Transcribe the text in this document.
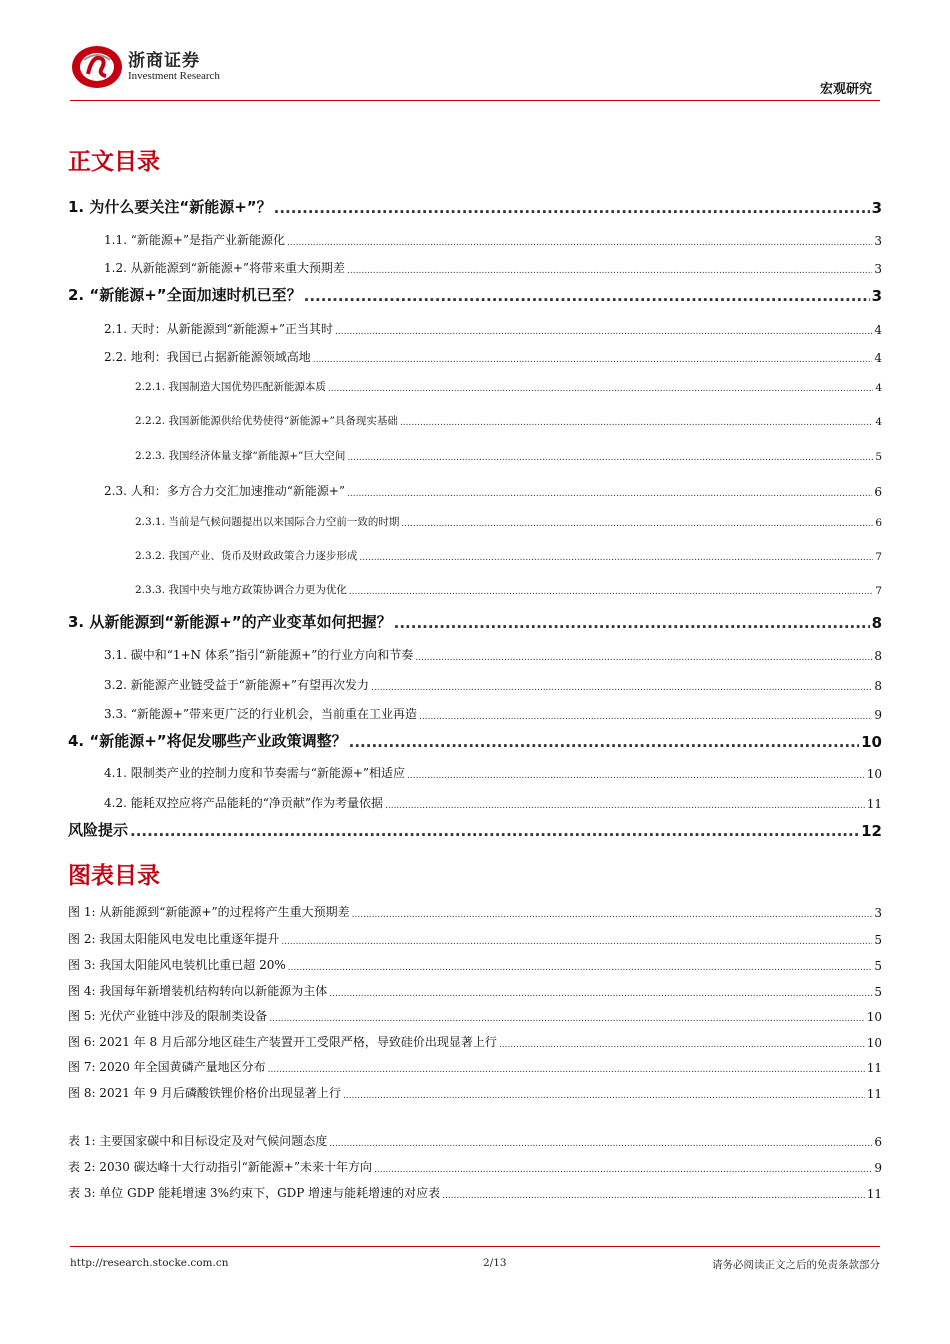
浙商证券
Investment Research
宏观研究
正文目录
1. 为什么要关注“新能源+”？ .....	3
1.1. “新能源+”是指产业新能源化 .....	3
1.2. 从新能源到“新能源+”将带来重大预期差 .....	3
2. “新能源+”全面加速时机已至？ .....	3
2.1. 天时：从新能源到“新能源+”正当其时 .....	4
2.2. 地利：我国已占据新能源领域高地 .....	4
2.2.1. 我国制造大国优势匹配新能源本质 .....	4
2.2.2. 我国新能源供给优势使得“新能源+”具备现实基础 .....	4
2.2.3. 我国经济体量支撑“新能源+”巨大空间 .....	5
2.3. 人和：多方合力交汇加速推动“新能源+” .....	6
2.3.1. 当前是气候问题提出以来国际合力空前一致的时期 .....	6
2.3.2. 我国产业、货币及财政政策合力逐步形成 .....	7
2.3.3. 我国中央与地方政策协调合力更为优化 .....	7
3. 从新能源到“新能源+”的产业变革如何把握？ .....	8
3.1. 碳中和“1+N 体系”指引“新能源+”的行业方向和节奏 .....	8
3.2. 新能源产业链受益于“新能源+”有望再次发力 .....	8
3.3. “新能源+”带来更广泛的行业机会，当前重在工业再造 .....	9
4. “新能源+”将促发哪些产业政策调整？ .....	10
4.1. 限制类产业的控制力度和节奏需与“新能源+”相适应 .....	10
4.2. 能耗双控应将产品能耗的“净贡献”作为考量依据 .....	11
风险提示 .....	12
图表目录
图 1: 从新能源到“新能源+”的过程将产生重大预期差 .....	3
图 2: 我国太阳能风电发电比重逐年提升 .....	5
图 3: 我国太阳能风电装机比重已超 20% .....	5
图 4: 我国每年新增装机结构转向以新能源为主体 .....	5
图 5: 光伏产业链中涉及的限制类设备 .....	10
图 6: 2021 年 8 月后部分地区硅生产装置开工受限严格，导致硅价出现显著上行 .....	10
图 7: 2020 年全国黄磷产量地区分布 .....	11
图 8: 2021 年 9 月后磷酸铁锂价格价出现显著上行 .....	11
表 1: 主要国家碳中和目标设定及对气候问题态度 .....	6
表 2: 2030 碳达峰十大行动指引“新能源+”未来十年方向 .....	9
表 3: 单位 GDP 能耗增速 3%约束下，GDP 增速与能耗增速的对应表 .....	11
http://research.stocke.com.cn	2/13	请务必阅读正文之后的免责条款部分
